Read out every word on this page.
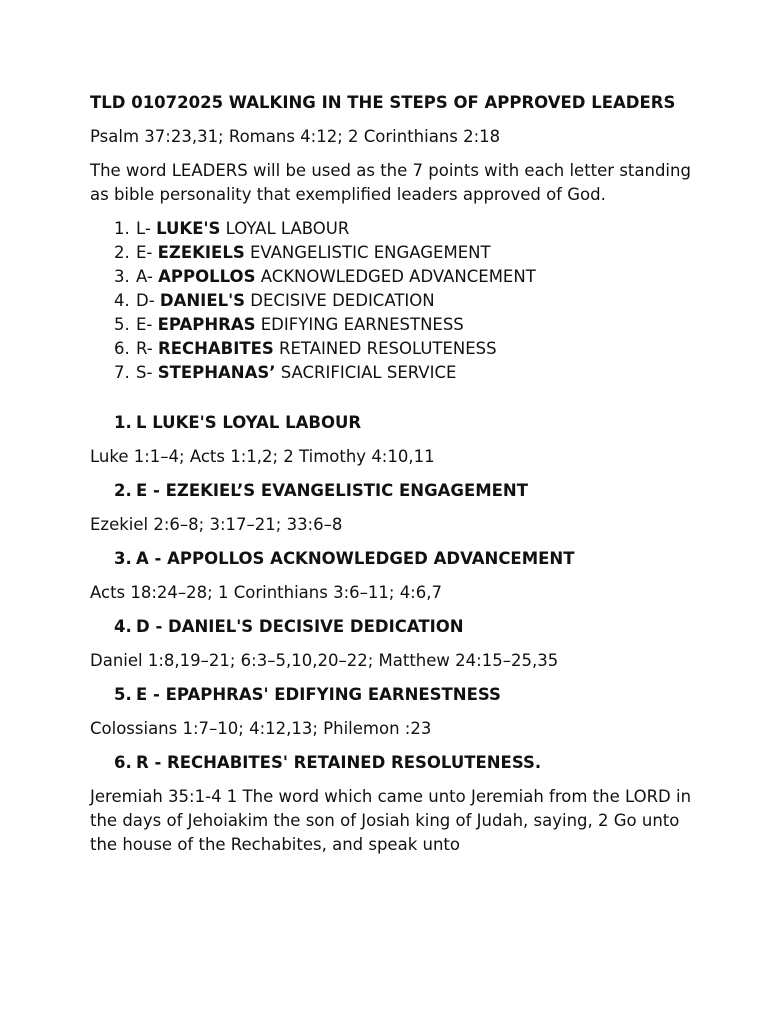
TLD 01072025 WALKING IN THE STEPS OF APPROVED LEADERS
Psalm 37:23,31; Romans 4:12; 2 Corinthians 2:18
The word LEADERS will be used as the 7 points with each letter standing as bible personality that exemplified leaders approved of God.
1. L- LUKE'S LOYAL LABOUR
2. E- EZEKIELS EVANGELISTIC ENGAGEMENT
3. A- APPOLLOS ACKNOWLEDGED ADVANCEMENT
4. D- DANIEL'S DECISIVE DEDICATION
5. E- EPAPHRAS EDIFYING EARNESTNESS
6. R- RECHABITES RETAINED RESOLUTENESS
7. S- STEPHANAS’ SACRIFICIAL SERVICE
1. L LUKE'S LOYAL LABOUR
Luke 1:1–4; Acts 1:1,2; 2 Timothy 4:10,11
2. E - EZEKIEL’S EVANGELISTIC ENGAGEMENT
Ezekiel 2:6–8; 3:17–21; 33:6–8
3. A - APPOLLOS ACKNOWLEDGED ADVANCEMENT
Acts 18:24–28; 1 Corinthians 3:6–11; 4:6,7
4. D - DANIEL'S DECISIVE DEDICATION
Daniel 1:8,19–21; 6:3–5,10,20–22; Matthew 24:15–25,35
5. E - EPAPHRAS' EDIFYING EARNESTNESS
Colossians 1:7–10; 4:12,13; Philemon :23
6. R - RECHABITES' RETAINED RESOLUTENESS.
Jeremiah 35:1-4 1 The word which came unto Jeremiah from the LORD in the days of Jehoiakim the son of Josiah king of Judah, saying, 2 Go unto the house of the Rechabites, and speak unto
